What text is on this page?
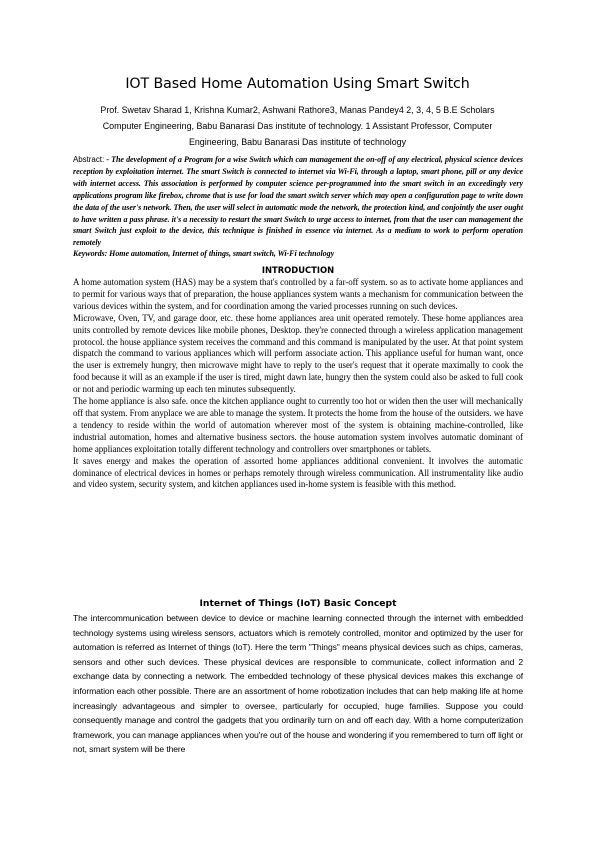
IOT Based Home Automation Using Smart Switch

Prof. Swetav Sharad 1, Krishna Kumar2, Ashwani Rathore3, Manas Pandey4 2, 3, 4, 5 B.E Scholars
Computer Engineering, Babu Banarasi Das institute of technology. 1 Assistant Professor, Computer
Engineering, Babu Banarasi Das institute of technology

Abstract: - The development of a Program for a wise Switch which can management the on-off of any electrical, physical science devices reception by exploitation internet. The smart Switch is connected to internet via Wi-Fi, through a laptop, smart phone, pill or any device with internet access. This association is performed by computer science per-programmed into the smart switch in an exceedingly very applications program like firebox, chrome that is use for load the smart switch server which may open a configuration page to write down the data of the user's network. Then, the user will select in automatic mode the network, the protection kind, and conjointly the user ought to have written a pass phrase. it's a necessity to restart the smart Switch to urge access to internet, from that the user can management the smart Switch just exploit to the device, this technique is finished in essence via internet. As a medium to work to perform operation remotely

Keywords: Home automation, Internet of things, smart switch, Wi-Fi technology

INTRODUCTION

A home automation system (HAS) may be a system that's controlled by a far-off system. so as to activate home appliances and to permit for various ways that of preparation, the house appliances system wants a mechanism for communication between the various devices within the system, and for coordination among the varied processes running on such devices.

Microwave, Oven, TV, and garage door, etc. these home appliances area unit operated remotely. These home appliances area units controlled by remote devices like mobile phones, Desktop. they're connected through a wireless application management protocol. the house appliance system receives the command and this command is manipulated by the user. At that point system dispatch the command to various appliances which will perform associate action. This appliance useful for human want, once the user is extremely hungry, then microwave might have to reply to the user's request that it operate maximally to cook the food because it will as an example if the user is tired, might dawn late, hungry then the system could also be asked to full cook or not and periodic warming up each ten minutes subsequently.

The home appliance is also safe. once the kitchen appliance ought to currently too hot or widen then the user will mechanically off that system. From anyplace we are able to manage the system. It protects the home from the house of the outsiders. we have a tendency to reside within the world of automation wherever most of the system is obtaining machine-controlled, like industrial automation, homes and alternative business sectors. the house automation system involves automatic dominant of home appliances exploitation totally different technology and controllers over smartphones or tablets.

It saves energy and makes the operation of assorted home appliances additional convenient. It involves the automatic dominance of electrical devices in homes or perhaps remotely through wireless communication. All instrumentality like audio and video system, security system, and kitchen appliances used in-home system is feasible with this method.

Internet of Things (IoT) Basic Concept

The intercommunication between device to device or machine learning connected through the internet with embedded technology systems using wireless sensors, actuators which is remotely controlled, monitor and optimized by the user for automation is referred as Internet of things (IoT). Here the term "Things" means physical devices such as chips, cameras, sensors and other such devices. These physical devices are responsible to communicate, collect information and 2 exchange data by connecting a network. The embedded technology of these physical devices makes this exchange of information each other possible. There are an assortment of home robotization includes that can help making life at home increasingly advantageous and simpler to oversee, particularly for occupied, huge families. Suppose you could consequently manage and control the gadgets that you ordinarily turn on and off each day. With a home computerization framework, you can manage appliances when you're out of the house and wondering if you remembered to turn off light or not, smart system will be there
